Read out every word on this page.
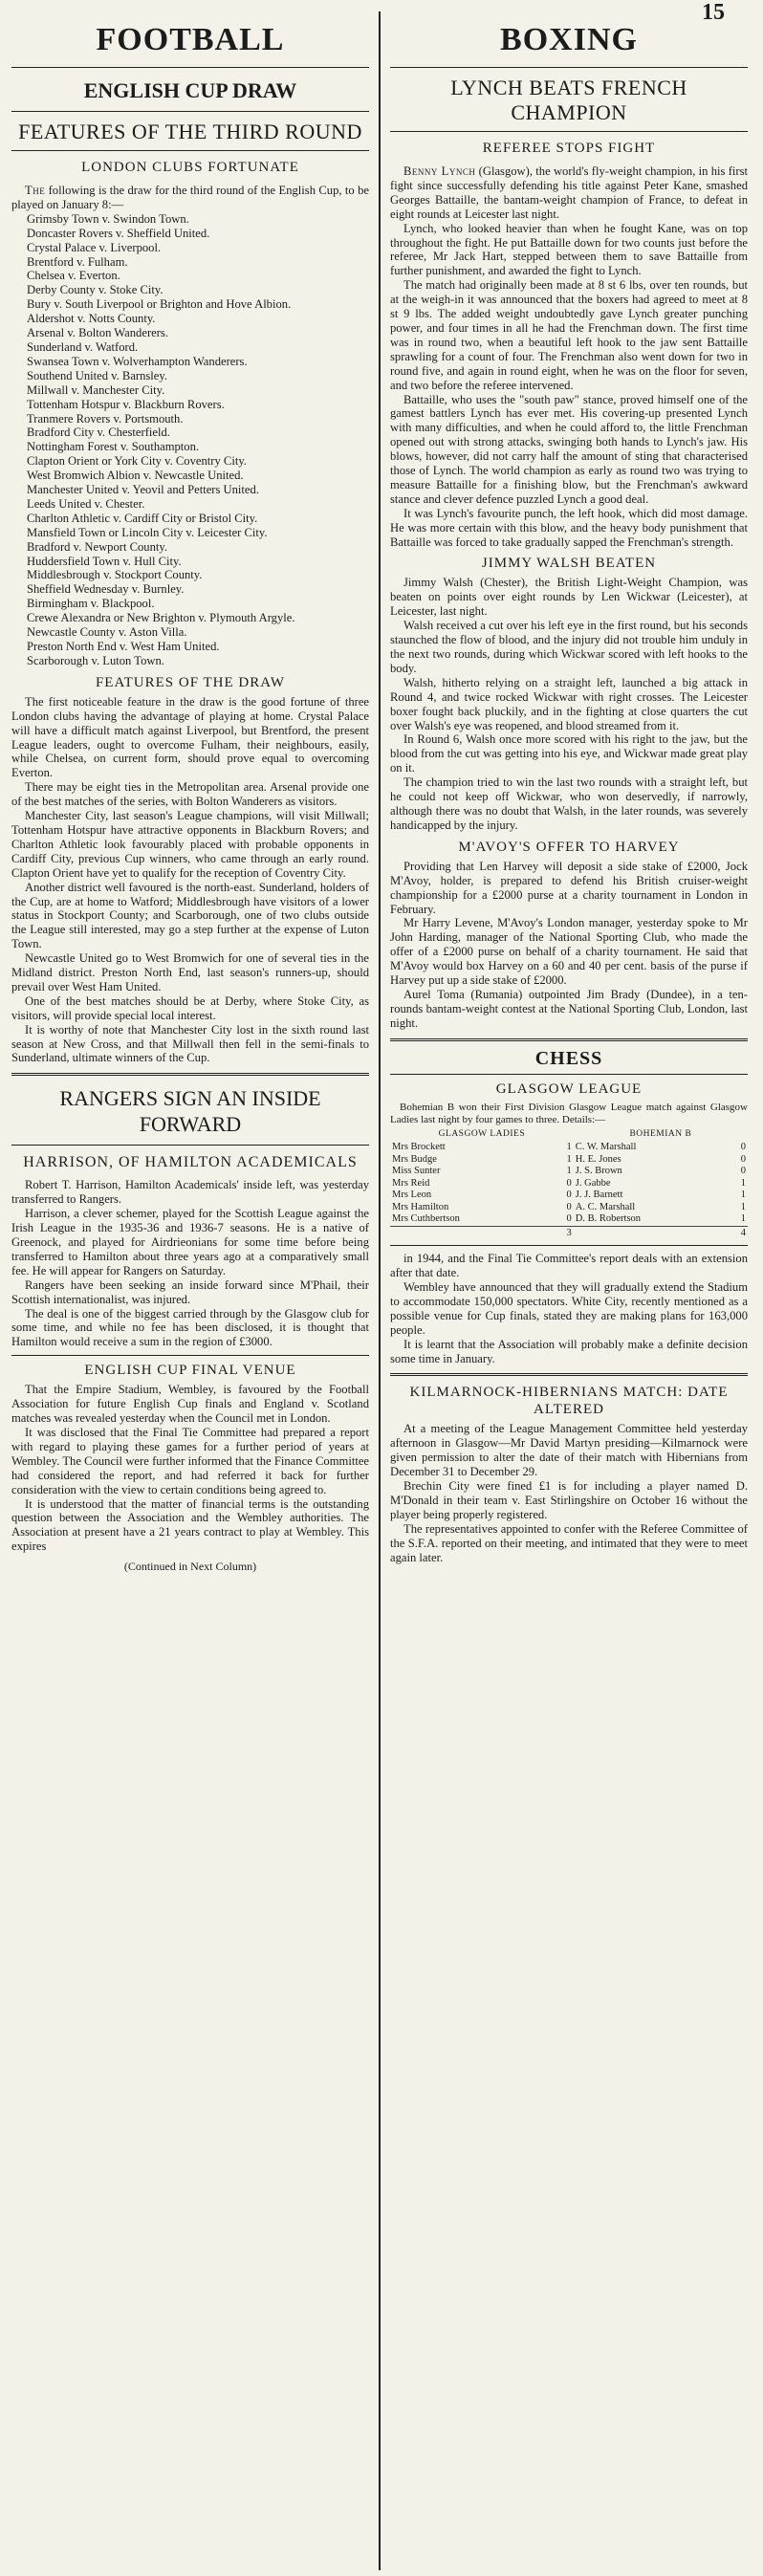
15
FOOTBALL
ENGLISH CUP DRAW
FEATURES OF THE THIRD ROUND
LONDON CLUBS FORTUNATE

The following is the draw for the third round of the English Cup, to be played on January 8:—

Grimsby Town v. Swindon Town.
Doncaster Rovers v. Sheffield United.
Crystal Palace v. Liverpool.
Brentford v. Fulham.
Chelsea v. Everton.
Derby County v. Stoke City.
Bury v. South Liverpool or Brighton and Hove Albion.
Aldershot v. Notts County.
Arsenal v. Bolton Wanderers.
Sunderland v. Watford.
Swansea Town v. Wolverhampton Wanderers.
Southend United v. Barnsley.
Millwall v. Manchester City.
Tottenham Hotspur v. Blackburn Rovers.
Tranmere Rovers v. Portsmouth.
Bradford City v. Chesterfield.
Nottingham Forest v. Southampton.
Clapton Orient or York City v. Coventry City.
West Bromwich Albion v. Newcastle United.
Manchester United v. Yeovil and Petters United.
Leeds United v. Chester.
Charlton Athletic v. Cardiff City or Bristol City.
Mansfield Town or Lincoln City v. Leicester City.
Bradford v. Newport County.
Huddersfield Town v. Hull City.
Middlesbrough v. Stockport County.
Sheffield Wednesday v. Burnley.
Birmingham v. Blackpool.
Crewe Alexandra or New Brighton v. Plymouth Argyle.
Newcastle County v. Aston Villa.
Preston North End v. West Ham United.
Scarborough v. Luton Town.
FEATURES OF THE DRAW

The first noticeable feature in the draw is the good fortune of three London clubs having the advantage of playing at home. Crystal Palace will have a difficult match against Liverpool, but Brentford, the present League leaders, ought to overcome Fulham, their neighbours, easily, while Chelsea, on current form, should prove equal to overcoming Everton.

There may be eight ties in the Metropolitan area. Arsenal provide one of the best matches of the series, with Bolton Wanderers as visitors.

Manchester City, last season's League champions, will visit Millwall; Tottenham Hotspur have attractive opponents in Blackburn Rovers; and Charlton Athletic look favourably placed with probable opponents in Cardiff City, previous Cup winners, who came through an early round. Clapton Orient have yet to qualify for the reception of Coventry City.

Another district well favoured is the north-east. Sunderland, holders of the Cup, are at home to Watford; Middlesbrough have visitors of a lower status in Stockport County; and Scarborough, one of two clubs outside the League still interested, may go a step further at the expense of Luton Town.

Newcastle United go to West Bromwich for one of several ties in the Midland district. Preston North End, last season's runners-up, should prevail over West Ham United.

One of the best matches should be at Derby, where Stoke City, as visitors, will provide special local interest.

It is worthy of note that Manchester City lost in the sixth round last season at New Cross, and that Millwall then fell in the semi-finals to Sunderland, ultimate winners of the Cup.

RANGERS SIGN AN INSIDE FORWARD
HARRISON, OF HAMILTON ACADEMICALS

Robert T. Harrison, Hamilton Academicals' inside left, was yesterday transferred to Rangers.

Harrison, a clever schemer, played for the Scottish League against the Irish League in the 1935-36 and 1936-7 seasons. He is a native of Greenock, and played for Airdrieonians for some time before being transferred to Hamilton about three years ago at a comparatively small fee. He will appear for Rangers on Saturday.

Rangers have been seeking an inside forward since M'Phail, their Scottish internationalist, was injured.

The deal is one of the biggest carried through by the Glasgow club for some time, and while no fee has been disclosed, it is thought that Hamilton would receive a sum in the region of £3000.

ENGLISH CUP FINAL VENUE

That the Empire Stadium, Wembley, is favoured by the Football Association for future English Cup finals and England v. Scotland matches was revealed yesterday when the Council met in London.

It was disclosed that the Final Tie Committee had prepared a report with regard to playing these games for a further period of years at Wembley. The Council were further informed that the Finance Committee had considered the report, and had referred it back for further consideration with the view to certain conditions being agreed to.

It is understood that the matter of financial terms is the outstanding question between the Association and the Wembley authorities. The Association at present have a 21 years contract to play at Wembley. This expires

(Continued in Next Column)
BOXING
LYNCH BEATS FRENCH CHAMPION
REFEREE STOPS FIGHT

Benny Lynch (Glasgow), the world's fly-weight champion, in his first fight since successfully defending his title against Peter Kane, smashed Georges Battaille, the bantam-weight champion of France, to defeat in eight rounds at Leicester last night.

Lynch, who looked heavier than when he fought Kane, was on top throughout the fight. He put Battaille down for two counts just before the referee, Mr Jack Hart, stepped between them to save Battaille from further punishment, and awarded the fight to Lynch.

The match had originally been made at 8 st 6 lbs, over ten rounds, but at the weigh-in it was announced that the boxers had agreed to meet at 8 st 9 lbs. The added weight undoubtedly gave Lynch greater punching power, and four times in all he had the Frenchman down. The first time was in round two, when a beautiful left hook to the jaw sent Battaille sprawling for a count of four. The Frenchman also went down for two in round five, and again in round eight, when he was on the floor for seven, and two before the referee intervened.

Battaille, who uses the "south paw" stance, proved himself one of the gamest battlers Lynch has ever met. His covering-up presented Lynch with many difficulties, and when he could afford to, the little Frenchman opened out with strong attacks, swinging both hands to Lynch's jaw. His blows, however, did not carry half the amount of sting that characterised those of Lynch. The world champion as early as round two was trying to measure Battaille for a finishing blow, but the Frenchman's awkward stance and clever defence puzzled Lynch a good deal.

It was Lynch's favourite punch, the left hook, which did most damage. He was more certain with this blow, and the heavy body punishment that Battaille was forced to take gradually sapped the Frenchman's strength.

JIMMY WALSH BEATEN

Jimmy Walsh (Chester), the British Light-Weight Champion, was beaten on points over eight rounds by Len Wickwar (Leicester), at Leicester, last night.

Walsh received a cut over his left eye in the first round, but his seconds staunched the flow of blood, and the injury did not trouble him unduly in the next two rounds, during which Wickwar scored with left hooks to the body.

Walsh, hitherto relying on a straight left, launched a big attack in Round 4, and twice rocked Wickwar with right crosses. The Leicester boxer fought back pluckily, and in the fighting at close quarters the cut over Walsh's eye was reopened, and blood streamed from it.

In Round 6, Walsh once more scored with his right to the jaw, but the blood from the cut was getting into his eye, and Wickwar made great play on it.

The champion tried to win the last two rounds with a straight left, but he could not keep off Wickwar, who won deservedly, if narrowly, although there was no doubt that Walsh, in the later rounds, was severely handicapped by the injury.

M'AVOY'S OFFER TO HARVEY

Providing that Len Harvey will deposit a side stake of £2000, Jock M'Avoy, holder, is prepared to defend his British cruiser-weight championship for a £2000 purse at a charity tournament in London in February.

Mr Harry Levene, M'Avoy's London manager, yesterday spoke to Mr John Harding, manager of the National Sporting Club, who made the offer of a £2000 purse on behalf of a charity tournament. He said that M'Avoy would box Harvey on a 60 and 40 per cent. basis of the purse if Harvey put up a side stake of £2000.

Aurel Toma (Rumania) outpointed Jim Brady (Dundee), in a ten-rounds bantam-weight contest at the National Sporting Club, London, last night.

CHESS
GLASGOW LEAGUE

Bohemian B won their First Division Glasgow League match against Glasgow Ladies last night by four games to three. Details:—

GLASGOW LADIES		BOHEMIAN B	
Mrs Brockett	1	C. W. Marshall	0
Mrs Budge	1	H. E. Jones	0
Miss Sunter	1	J. S. Brown	0
Mrs Reid	0	J. Gabbe	1
Mrs Leon	0	J. J. Barnett	1
Mrs Hamilton	0	A. C. Marshall	1
Mrs Cuthbertson	0	D. B. Robertson	1
3		4	

in 1944, and the Final Tie Committee's report deals with an extension after that date.

Wembley have announced that they will gradually extend the Stadium to accommodate 150,000 spectators. White City, recently mentioned as a possible venue for Cup finals, stated they are making plans for 163,000 people.

It is learnt that the Association will probably make a definite decision some time in January.

KILMARNOCK-HIBERNIANS MATCH: DATE ALTERED

At a meeting of the League Management Committee held yesterday afternoon in Glasgow—Mr David Martyn presiding—Kilmarnock were given permission to alter the date of their match with Hibernians from December 31 to December 29.

Brechin City were fined £1 is for including a player named D. M'Donald in their team v. East Stirlingshire on October 16 without the player being properly registered.

The representatives appointed to confer with the Referee Committee of the S.F.A. reported on their meeting, and intimated that they were to meet again later.
